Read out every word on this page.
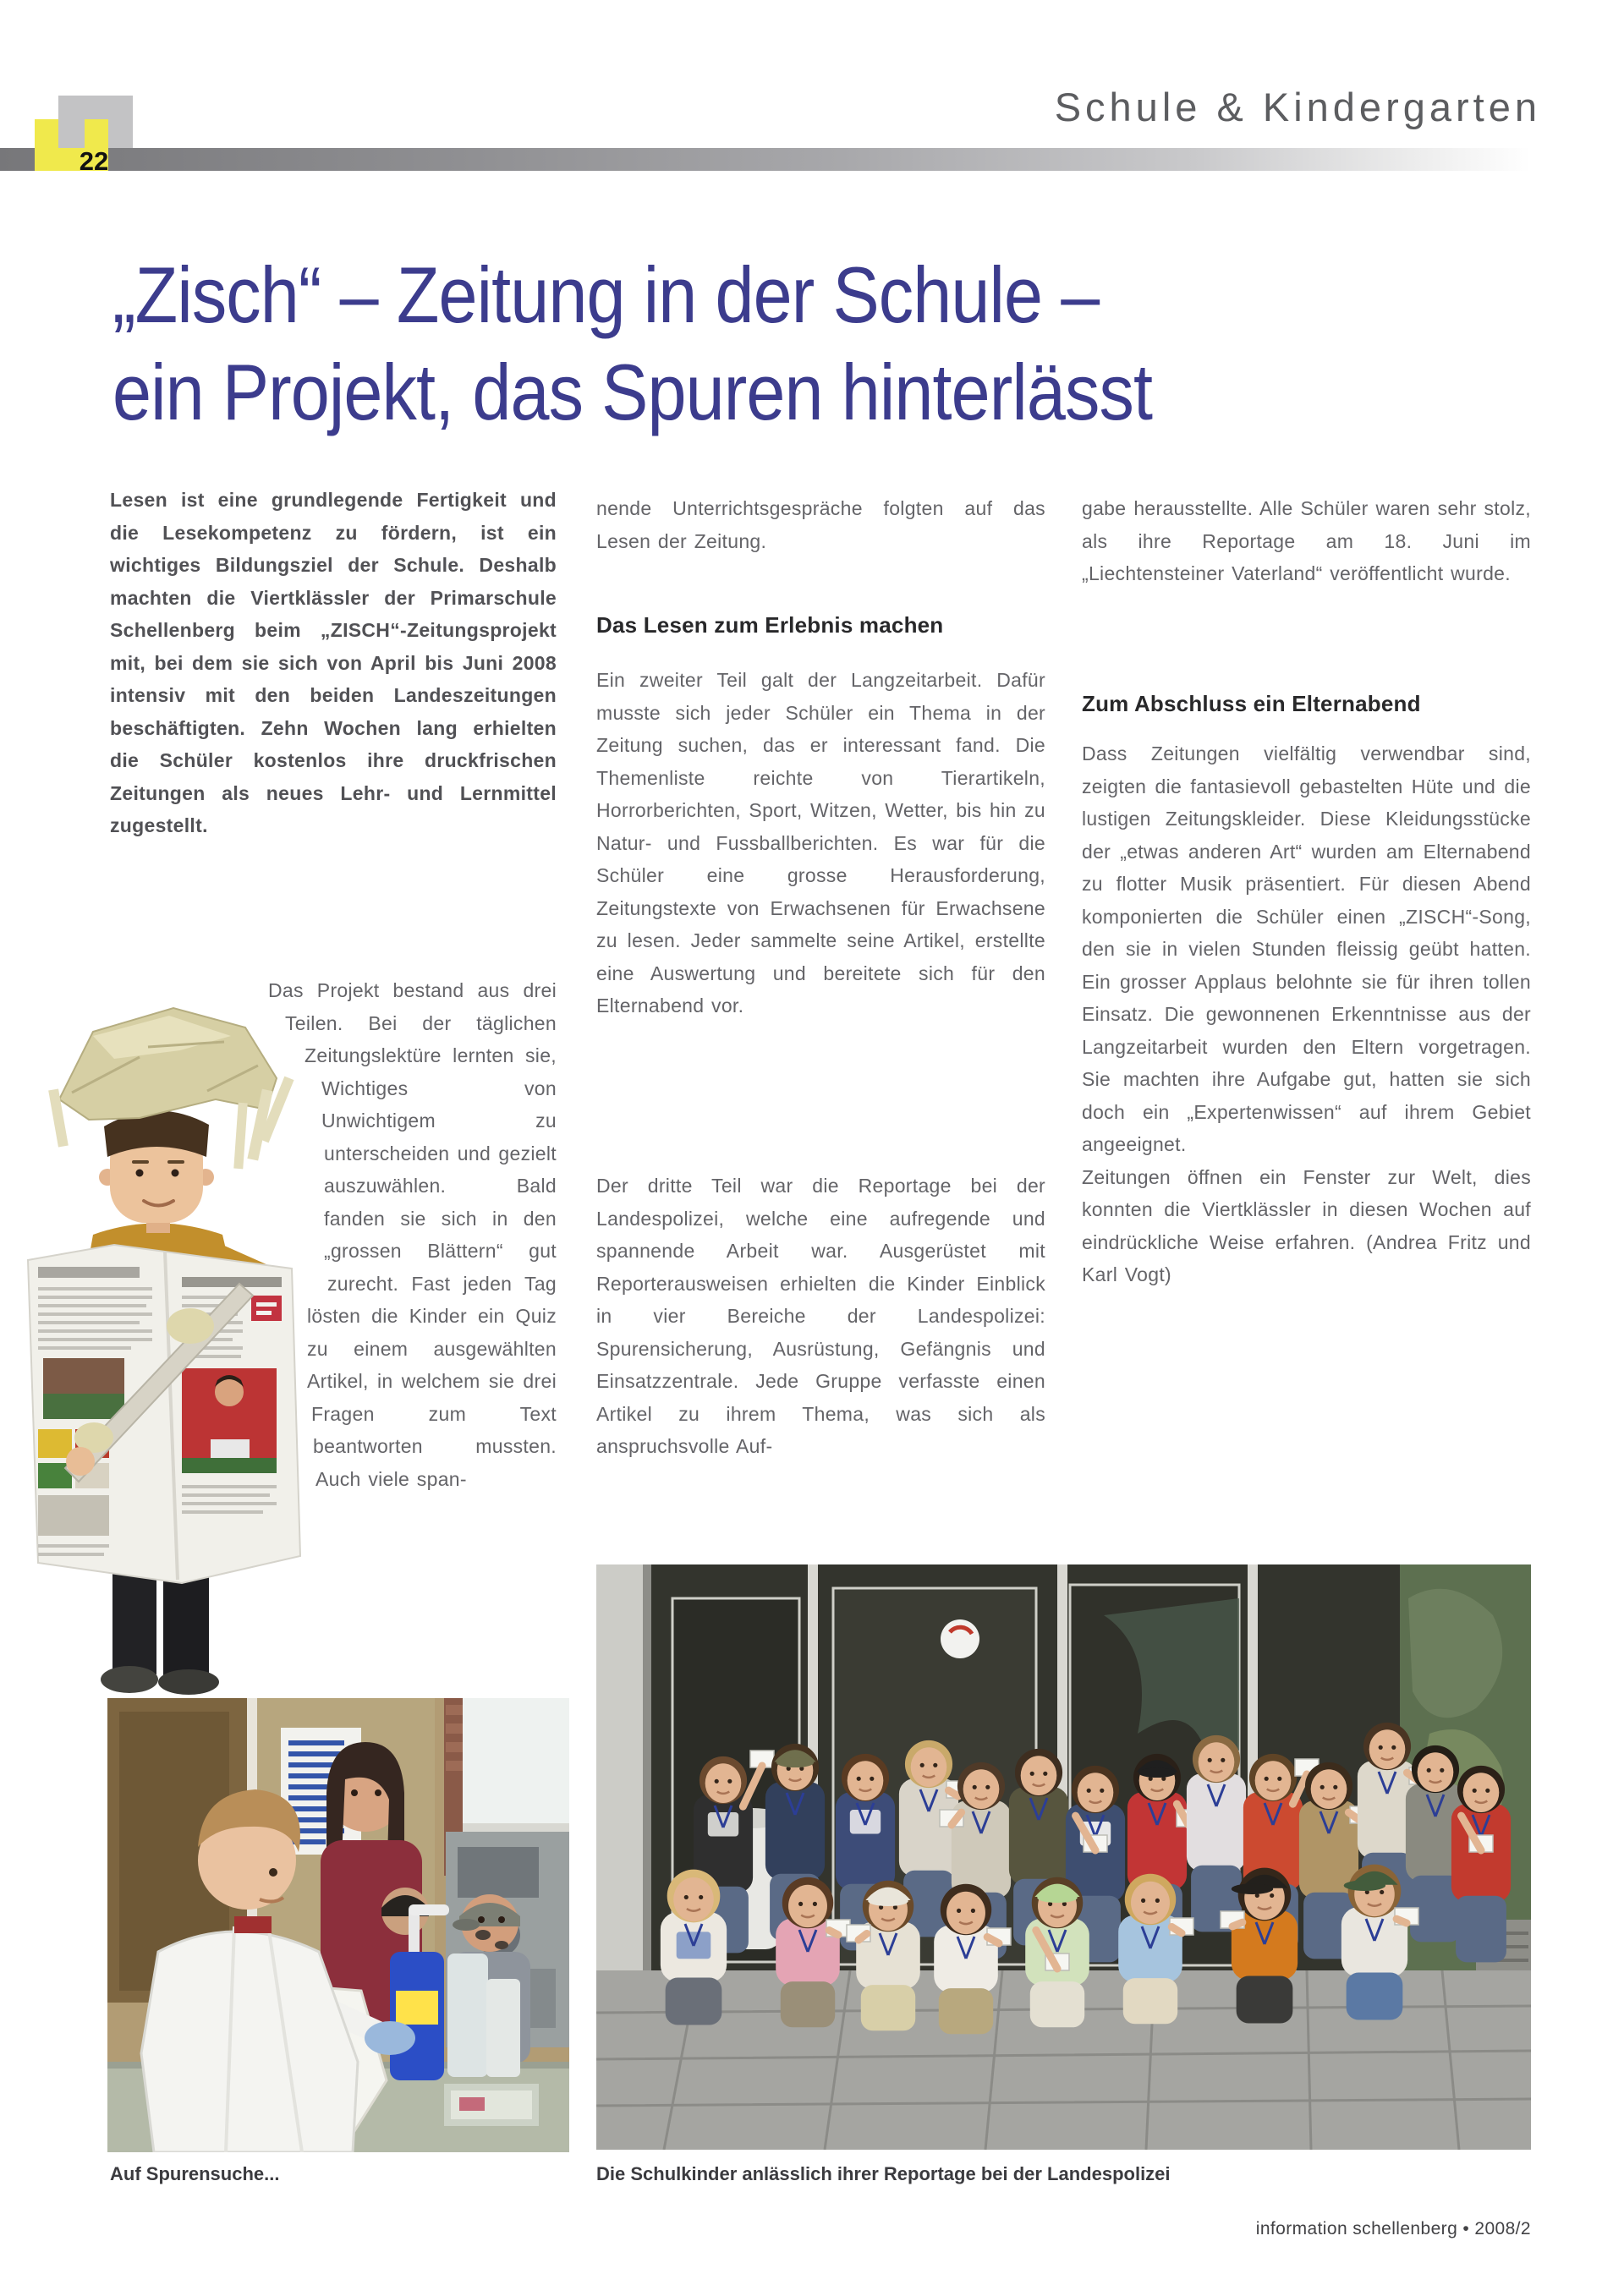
22
Schule & Kindergarten
„Zisch“ – Zeitung in der Schule –
ein Projekt, das Spuren hinterlässt
Lesen ist eine grundlegende Fertigkeit und die Lesekompetenz zu fördern, ist ein wichtiges Bildungsziel der Schule. Deshalb machten die Viertklässler der Primarschule Schellenberg beim „ZISCH“-Zeitungsprojekt mit, bei dem sie sich von April bis Juni 2008 intensiv mit den beiden Landeszeitungen beschäftigten. Zehn Wochen lang erhielten die Schüler kostenlos ihre druckfrischen Zeitungen als neues Lehr- und Lernmittel zugestellt.
Das Projekt bestand aus drei Teilen. Bei der täglichen Zeitungslektüre lernten sie, Wichtiges von Unwichtigem zu unterscheiden und gezielt auszuwählen. Bald fanden sie sich in den „grossen Blättern“ gut zurecht. Fast jeden Tag lösten die Kinder ein Quiz zu einem ausgewählten Artikel, in welchem sie drei Fragen zum Text beantworten mussten. Auch viele span-
nende Unterrichtsgespräche folgten auf das Lesen der Zeitung.
Das Lesen zum Erlebnis machen
Ein zweiter Teil galt der Langzeitarbeit. Dafür musste sich jeder Schüler ein Thema in der Zeitung suchen, das er interessant fand. Die Themenliste reichte von Tierartikeln, Horrorberichten, Sport, Witzen, Wetter, bis hin zu Natur- und Fussballberichten. Es war für die Schüler eine grosse Herausforderung, Zeitungstexte von Erwachsenen für Erwachsene zu lesen. Jeder sammelte seine Artikel, erstellte eine Auswertung und bereitete sich für den Elternabend vor.
Der dritte Teil war die Reportage bei der Landespolizei, welche eine aufregende und spannende Arbeit war. Ausgerüstet mit Reporterausweisen erhielten die Kinder Einblick in vier Bereiche der Landespolizei: Spurensicherung, Ausrüstung, Gefängnis und Einsatzzentrale. Jede Gruppe verfasste einen Artikel zu ihrem Thema, was sich als anspruchsvolle Auf-
gabe herausstellte. Alle Schüler waren sehr stolz, als ihre Reportage am 18. Juni im „Liechtensteiner Vaterland“ veröffentlicht wurde.
Zum Abschluss ein Elternabend

Dass Zeitungen vielfältig verwendbar sind, zeigten die fantasievoll gebastelten Hüte und die lustigen Zeitungskleider. Diese Kleidungsstücke der „etwas anderen Art“ wurden am Elternabend zu flotter Musik präsentiert. Für diesen Abend komponierten die Schüler einen „ZISCH“-Song, den sie in vielen Stunden fleissig geübt hatten. Ein grosser Applaus belohnte sie für ihren tollen Einsatz. Die gewonnenen Erkenntnisse aus der Langzeitarbeit wurden den Eltern vorgetragen. Sie machten ihre Aufgabe gut, hatten sie sich doch ein „Expertenwissen“ auf ihrem Gebiet angeeignet.

Zeitungen öffnen ein Fenster zur Welt, dies konnten die Viertklässler in diesen Wochen auf eindrückliche Weise erfahren. (Andrea Fritz und Karl Vogt)

Auf Spurensuche...	Die Schulkinder anlässlich ihrer Reportage bei der Landespolizei
information schellenberg • 2008/2
